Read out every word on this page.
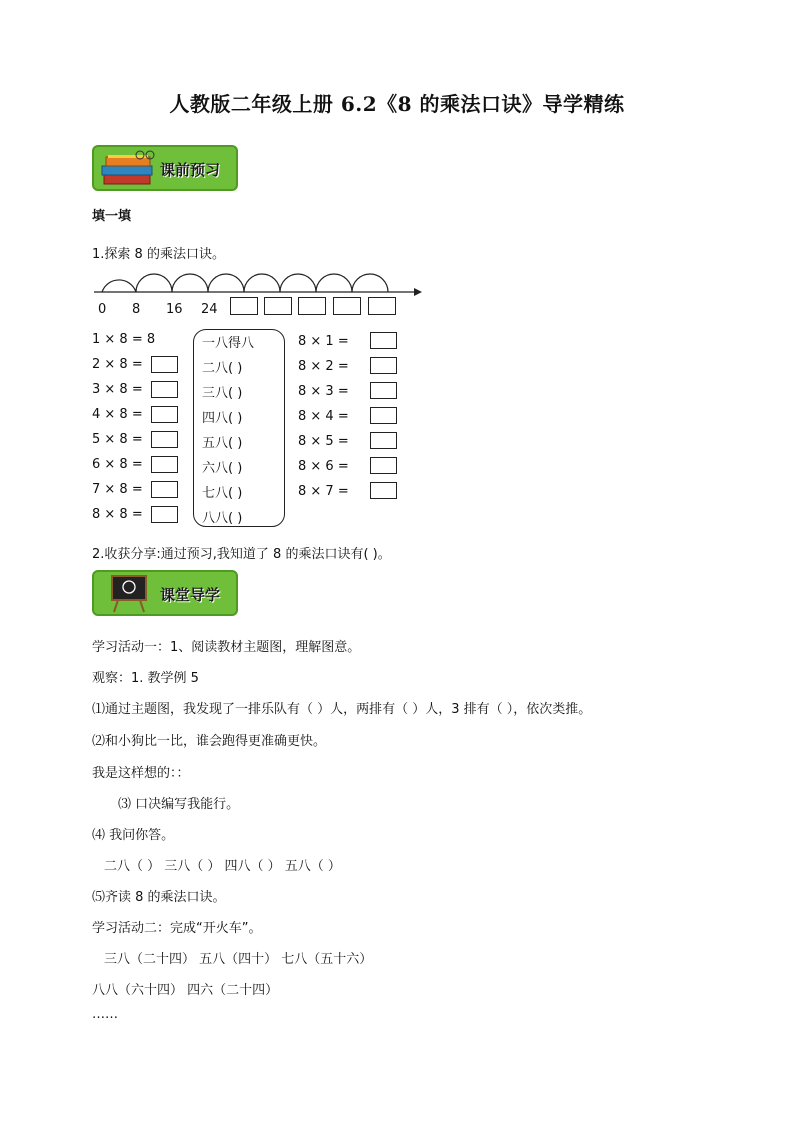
人教版二年级上册 6.2《8 的乘法口诀》导学精练
课前预习
填一填
1.探索 8 的乘法口诀。
0 8 16 24
1 × 8 = 8
2 × 8 =
3 × 8 =
4 × 8 =
5 × 8 =
6 × 8 =
7 × 8 =
8 × 8 =
一八得八
二八( )
三八( )
四八( )
五八( )
六八( )
七八( )
八八( )
8 × 1 =
8 × 2 =
8 × 3 =
8 × 4 =
8 × 5 =
8 × 6 =
8 × 7 =
2.收获分享:通过预习,我知道了 8 的乘法口诀有( )。
课堂导学
学习活动一：1、阅读教材主题图，理解图意。
观察：1. 教学例 5
⑴通过主题图，我发现了一排乐队有（ ）人，两排有（ ）人，3 排有（ ），依次类推。
⑵和小狗比一比，谁会跑得更准确更快。
我是这样想的：：
⑶ 口决编写我能行。
⑷ 我问你答。
二八（ ） 三八（ ） 四八（ ） 五八（ ）
⑸齐读 8 的乘法口诀。
学习活动二：完成“开火车”。
三八（二十四） 五八（四十） 七八（五十六）
八八（六十四） 四六（二十四）
……
